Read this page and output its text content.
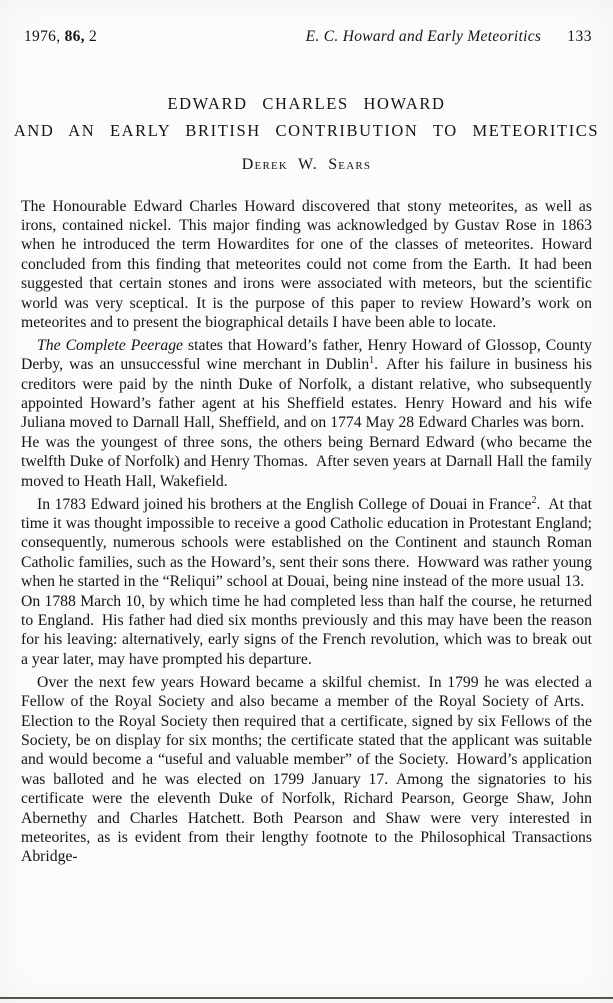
1976, 86, 2	E. C. Howard and Early Meteoritics 133
EDWARD CHARLES HOWARD
AND AN EARLY BRITISH CONTRIBUTION TO METEORITICS
Derek W. Sears

The Honourable Edward Charles Howard discovered that stony meteorites, as well as irons, contained nickel. This major finding was acknowledged by Gustav Rose in 1863 when he introduced the term Howardites for one of the classes of meteorites. Howard concluded from this finding that meteorites could not come from the Earth. It had been suggested that certain stones and irons were associated with meteors, but the scientific world was very sceptical. It is the purpose of this paper to review Howard’s work on meteorites and to present the biographical details I have been able to locate.

The Complete Peerage states that Howard’s father, Henry Howard of Glossop, County Derby, was an unsuccessful wine merchant in Dublin$^1$. After his failure in business his creditors were paid by the ninth Duke of Norfolk, a distant relative, who subsequently appointed Howard’s father agent at his Sheffield estates. Henry Howard and his wife Juliana moved to Darnall Hall, Sheffield, and on 1774 May 28 Edward Charles was born. He was the youngest of three sons, the others being Bernard Edward (who became the twelfth Duke of Norfolk) and Henry Thomas. After seven years at Darnall Hall the family moved to Heath Hall, Wakefield.

In 1783 Edward joined his brothers at the English College of Douai in France$^2$. At that time it was thought impossible to receive a good Catholic education in Protestant England; consequently, numerous schools were established on the Continent and staunch Roman Catholic families, such as the Howard’s, sent their sons there. Howward was rather young when he started in the “Reliqui” school at Douai, being nine instead of the more usual 13. On 1788 March 10, by which time he had completed less than half the course, he returned to England. His father had died six months previously and this may have been the reason for his leaving: alternatively, early signs of the French revolution, which was to break out a year later, may have prompted his departure.

Over the next few years Howard became a skilful chemist. In 1799 he was elected a Fellow of the Royal Society and also became a member of the Royal Society of Arts. Election to the Royal Society then required that a certificate, signed by six Fellows of the Society, be on display for six months; the certificate stated that the applicant was suitable and would become a “useful and valuable member” of the Society. Howard’s application was balloted and he was elected on 1799 January 17. Among the signatories to his certificate were the eleventh Duke of Norfolk, Richard Pearson, George Shaw, John Abernethy and Charles Hatchett. Both Pearson and Shaw were very interested in meteorites, as is evident from their lengthy footnote to the Philosophical Transactions Abridge-
